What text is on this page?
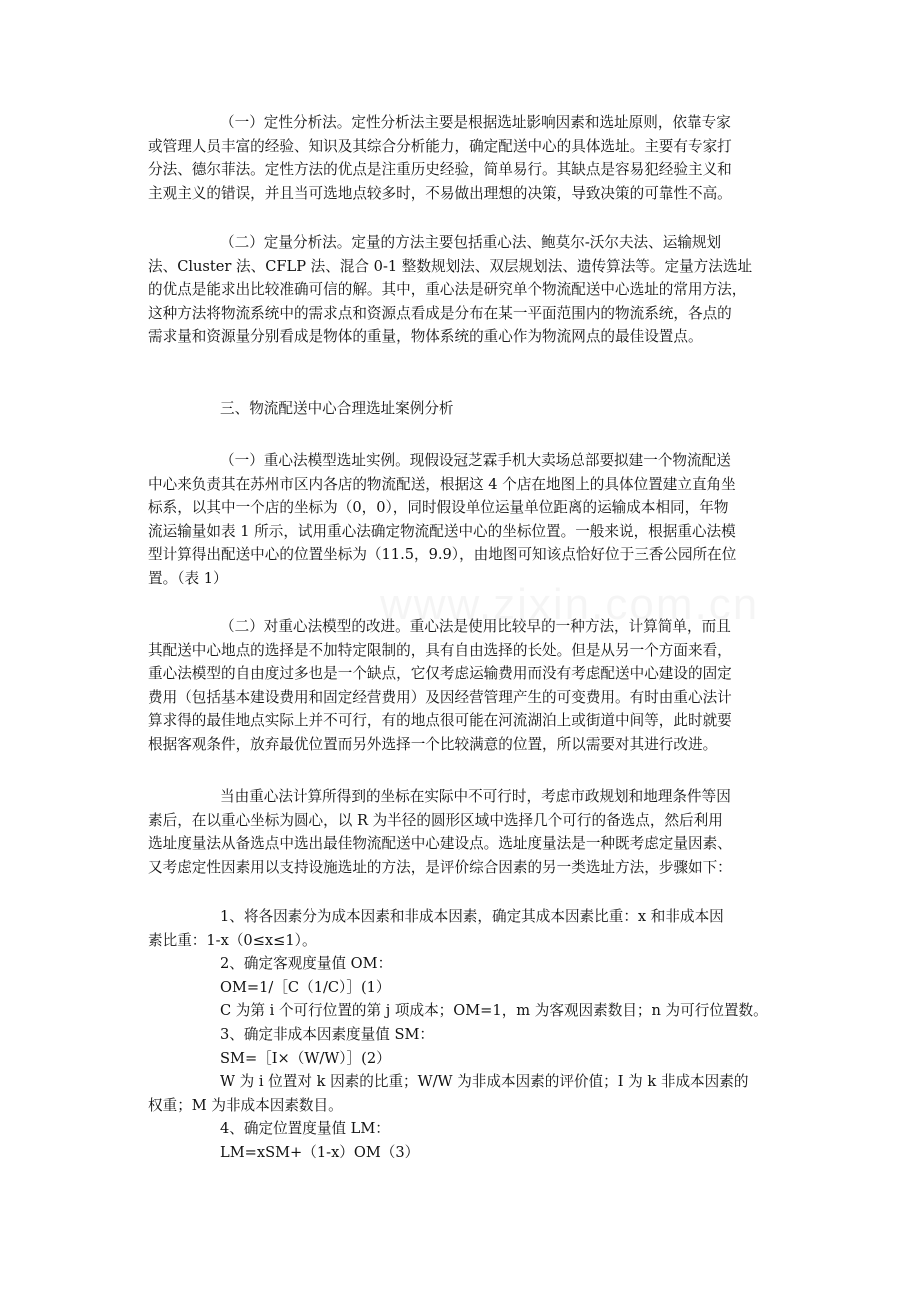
（一）定性分析法。定性分析法主要是根据选址影响因素和选址原则，依靠专家
或管理人员丰富的经验、知识及其综合分析能力，确定配送中心的具体选址。主要有专家打
分法、德尔菲法。定性方法的优点是注重历史经验，简单易行。其缺点是容易犯经验主义和
主观主义的错误，并且当可选地点较多时，不易做出理想的决策，导致决策的可靠性不高。

（二）定量分析法。定量的方法主要包括重心法、鲍莫尔-沃尔夫法、运输规划
法、Cluster 法、CFLP 法、混合 0-1 整数规划法、双层规划法、遗传算法等。定量方法选址
的优点是能求出比较准确可信的解。其中，重心法是研究单个物流配送中心选址的常用方法，
这种方法将物流系统中的需求点和资源点看成是分布在某一平面范围内的物流系统，各点的
需求量和资源量分别看成是物体的重量，物体系统的重心作为物流网点的最佳设置点。

三、物流配送中心合理选址案例分析

（一）重心法模型选址实例。现假设冠芝霖手机大卖场总部要拟建一个物流配送
中心来负责其在苏州市区内各店的物流配送，根据这 4 个店在地图上的具体位置建立直角坐
标系，以其中一个店的坐标为（0，0），同时假设单位运量单位距离的运输成本相同，年物
流运输量如表 1 所示，试用重心法确定物流配送中心的坐标位置。一般来说，根据重心法模
型计算得出配送中心的位置坐标为（11.5，9.9），由地图可知该点恰好位于三香公园所在位
置。（表 1）

（二）对重心法模型的改进。重心法是使用比较早的一种方法，计算简单，而且
其配送中心地点的选择是不加特定限制的，具有自由选择的长处。但是从另一个方面来看，
重心法模型的自由度过多也是一个缺点，它仅考虑运输费用而没有考虑配送中心建设的固定
费用（包括基本建设费用和固定经营费用）及因经营管理产生的可变费用。有时由重心法计
算求得的最佳地点实际上并不可行，有的地点很可能在河流湖泊上或街道中间等，此时就要
根据客观条件，放弃最优位置而另外选择一个比较满意的位置，所以需要对其进行改进。

当由重心法计算所得到的坐标在实际中不可行时，考虑市政规划和地理条件等因
素后，在以重心坐标为圆心，以 R 为半径的圆形区域中选择几个可行的备选点，然后利用
选址度量法从备选点中选出最佳物流配送中心建设点。选址度量法是一种既考虑定量因素、
又考虑定性因素用以支持设施选址的方法，是评价综合因素的另一类选址方法，步骤如下：

1、将各因素分为成本因素和非成本因素，确定其成本因素比重：x 和非成本因
素比重：1-x（0≤x≤1）。
2、确定客观度量值 OM：
OM=1/［C（1/C）］(1）
C 为第 i 个可行位置的第 j 项成本；OM=1，m 为客观因素数目；n 为可行位置数。
3、确定非成本因素度量值 SM：
SM=［I×（W/W）］(2）
W 为 i 位置对 k 因素的比重；W/W 为非成本因素的评价值；I 为 k 非成本因素的
权重；M 为非成本因素数目。
4、确定位置度量值 LM：
LM=xSM+（1-x）OM（3）
